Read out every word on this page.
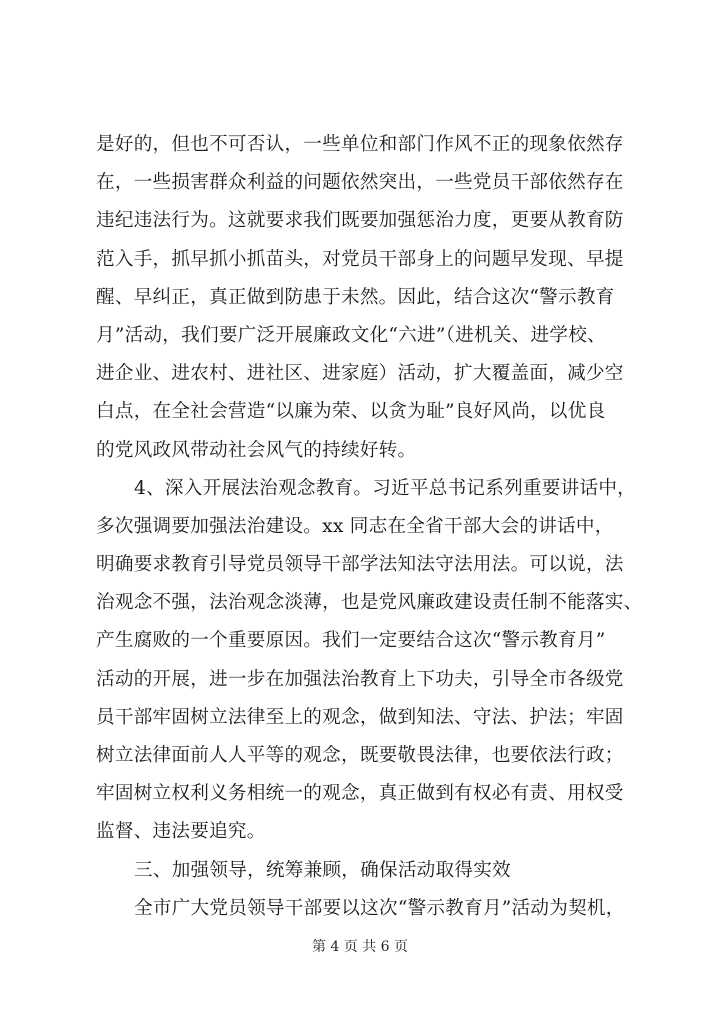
是好的，但也不可否认，一些单位和部门作风不正的现象依然存
在，一些损害群众利益的问题依然突出，一些党员干部依然存在
违纪违法行为。这就要求我们既要加强惩治力度，更要从教育防
范入手，抓早抓小抓苗头，对党员干部身上的问题早发现、早提
醒、早纠正，真正做到防患于未然。因此，结合这次“警示教育
月”活动，我们要广泛开展廉政文化“六进”（进机关、进学校、
进企业、进农村、进社区、进家庭）活动，扩大覆盖面，减少空
白点，在全社会营造“以廉为荣、以贪为耻”良好风尚，以优良
的党风政风带动社会风气的持续好转。
4、深入开展法治观念教育。习近平总书记系列重要讲话中，
多次强调要加强法治建设。xx 同志在全省干部大会的讲话中，
明确要求教育引导党员领导干部学法知法守法用法。可以说，法
治观念不强，法治观念淡薄，也是党风廉政建设责任制不能落实、
产生腐败的一个重要原因。我们一定要结合这次“警示教育月”
活动的开展，进一步在加强法治教育上下功夫，引导全市各级党
员干部牢固树立法律至上的观念，做到知法、守法、护法；牢固
树立法律面前人人平等的观念，既要敬畏法律，也要依法行政；
牢固树立权利义务相统一的观念，真正做到有权必有责、用权受
监督、违法要追究。
三、加强领导，统筹兼顾，确保活动取得实效
全市广大党员领导干部要以这次“警示教育月”活动为契机，
第 4 页 共 6 页
